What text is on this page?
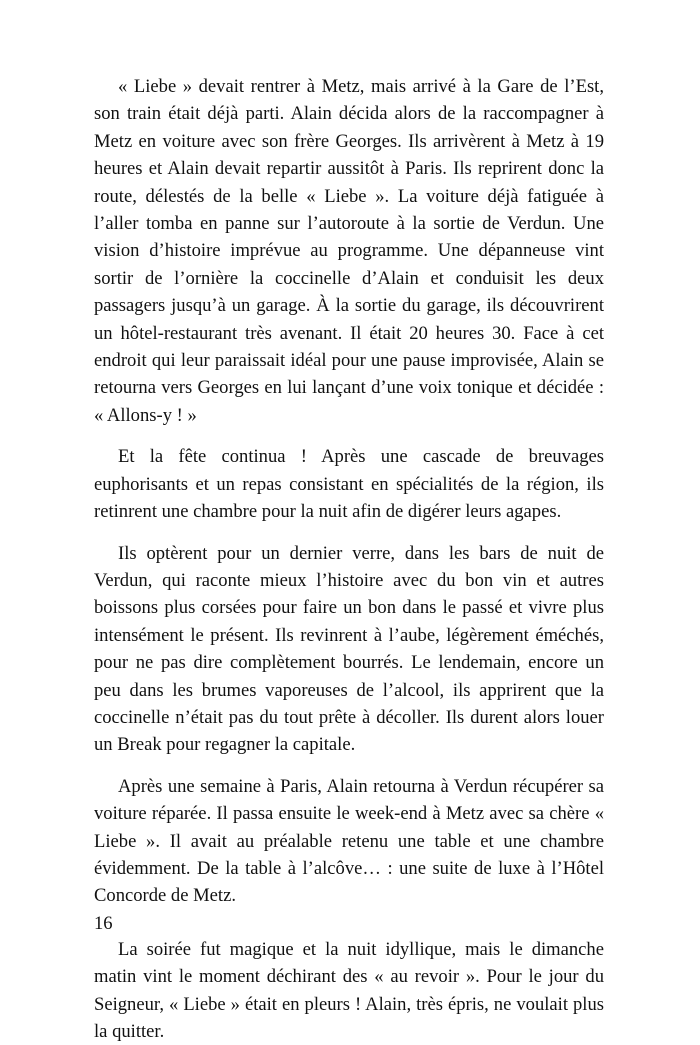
« Liebe » devait rentrer à Metz, mais arrivé à la Gare de l’Est, son train était déjà parti. Alain décida alors de la raccompagner à Metz en voiture avec son frère Georges. Ils arrivèrent à Metz à 19 heures et Alain devait repartir aussitôt à Paris. Ils reprirent donc la route, délestés de la belle « Liebe ». La voiture déjà fatiguée à l’aller tomba en panne sur l’autoroute à la sortie de Verdun. Une vision d’histoire imprévue au programme. Une dépanneuse vint sortir de l’ornière la coccinelle d’Alain et conduisit les deux passagers jusqu’à un garage. À la sortie du garage, ils découvrirent un hôtel-restaurant très avenant. Il était 20 heures 30. Face à cet endroit qui leur paraissait idéal pour une pause improvisée, Alain se retourna vers Georges en lui lançant d’une voix tonique et décidée : « Allons-y ! »

Et la fête continua ! Après une cascade de breuvages euphorisants et un repas consistant en spécialités de la région, ils retinrent une chambre pour la nuit afin de digérer leurs agapes.

Ils optèrent pour un dernier verre, dans les bars de nuit de Verdun, qui raconte mieux l’histoire avec du bon vin et autres boissons plus corsées pour faire un bon dans le passé et vivre plus intensément le présent. Ils revinrent à l’aube, légèrement éméchés, pour ne pas dire complètement bourrés. Le lendemain, encore un peu dans les brumes vaporeuses de l’alcool, ils apprirent que la coccinelle n’était pas du tout prête à décoller. Ils durent alors louer un Break pour regagner la capitale.

Après une semaine à Paris, Alain retourna à Verdun récupérer sa voiture réparée. Il passa ensuite le week-end à Metz avec sa chère « Liebe ». Il avait au préalable retenu une table et une chambre évidemment. De la table à l’alcôve… : une suite de luxe à l’Hôtel Concorde de Metz.

La soirée fut magique et la nuit idyllique, mais le dimanche matin vint le moment déchirant des « au revoir ». Pour le jour du Seigneur, « Liebe » était en pleurs ! Alain, très épris, ne voulait plus la quitter.

16
